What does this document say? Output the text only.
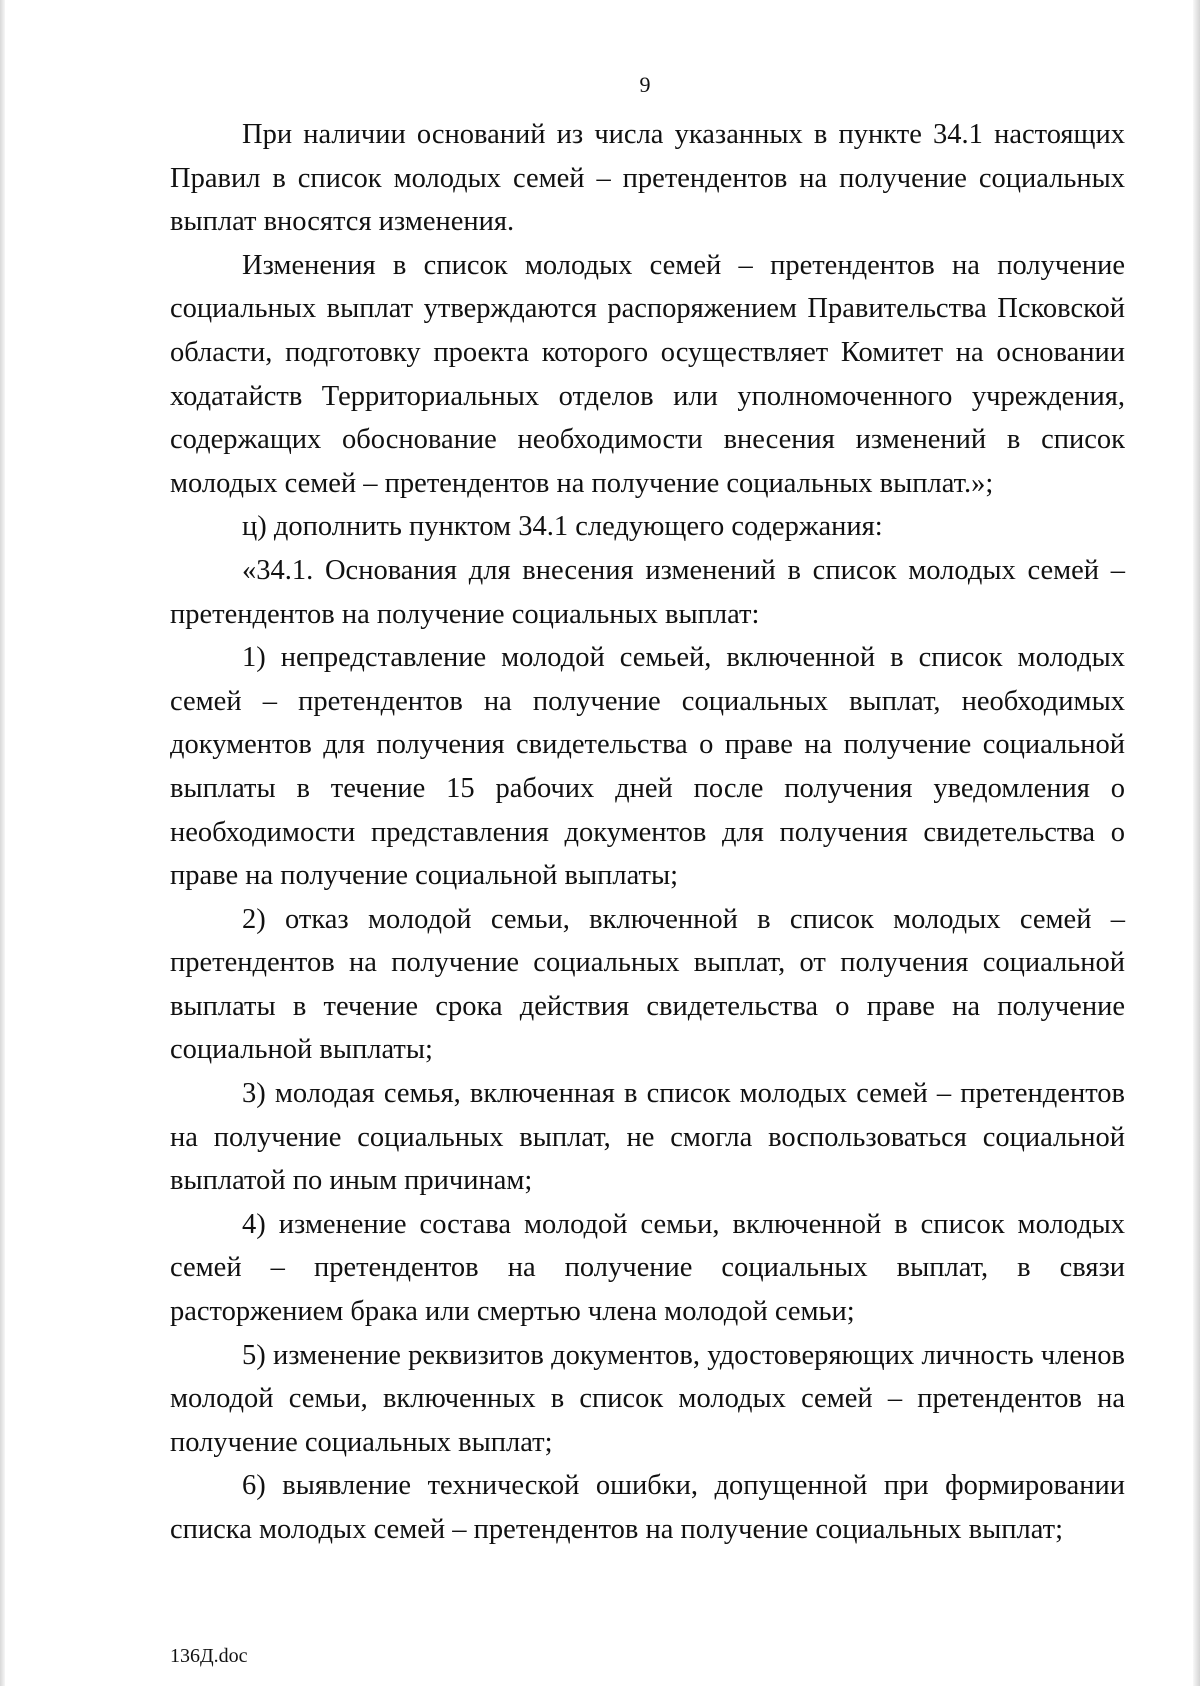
9

При наличии оснований из числа указанных в пункте 34.1 настоящих Правил в список молодых семей – претендентов на получение социальных выплат вносятся изменения.

Изменения в список молодых семей – претендентов на получение социальных выплат утверждаются распоряжением Правительства Псковской области, подготовку проекта которого осуществляет Комитет на основании ходатайств Территориальных отделов или уполномоченного учреждения, содержащих обоснование необходимости внесения изменений в список молодых семей – претендентов на получение социальных выплат.»;

ц) дополнить пунктом 34.1 следующего содержания:

«34.1. Основания для внесения изменений в список молодых семей – претендентов на получение социальных выплат:

1) непредставление молодой семьей, включенной в список молодых семей – претендентов на получение социальных выплат, необходимых документов для получения свидетельства о праве на получение социальной выплаты в течение 15 рабочих дней после получения уведомления о необходимости представления документов для получения свидетельства о праве на получение социальной выплаты;

2) отказ молодой семьи, включенной в список молодых семей – претендентов на получение социальных выплат, от получения социальной выплаты в течение срока действия свидетельства о праве на получение социальной выплаты;

3) молодая семья, включенная в список молодых семей – претендентов на получение социальных выплат, не смогла воспользоваться социальной выплатой по иным причинам;

4) изменение состава молодой семьи, включенной в список молодых семей – претендентов на получение социальных выплат, в связи расторжением брака или смертью члена молодой семьи;

5) изменение реквизитов документов, удостоверяющих личность членов молодой семьи, включенных в список молодых семей – претендентов на получение социальных выплат;

6) выявление технической ошибки, допущенной при формировании списка молодых семей – претендентов на получение социальных выплат;

136Д.doc
